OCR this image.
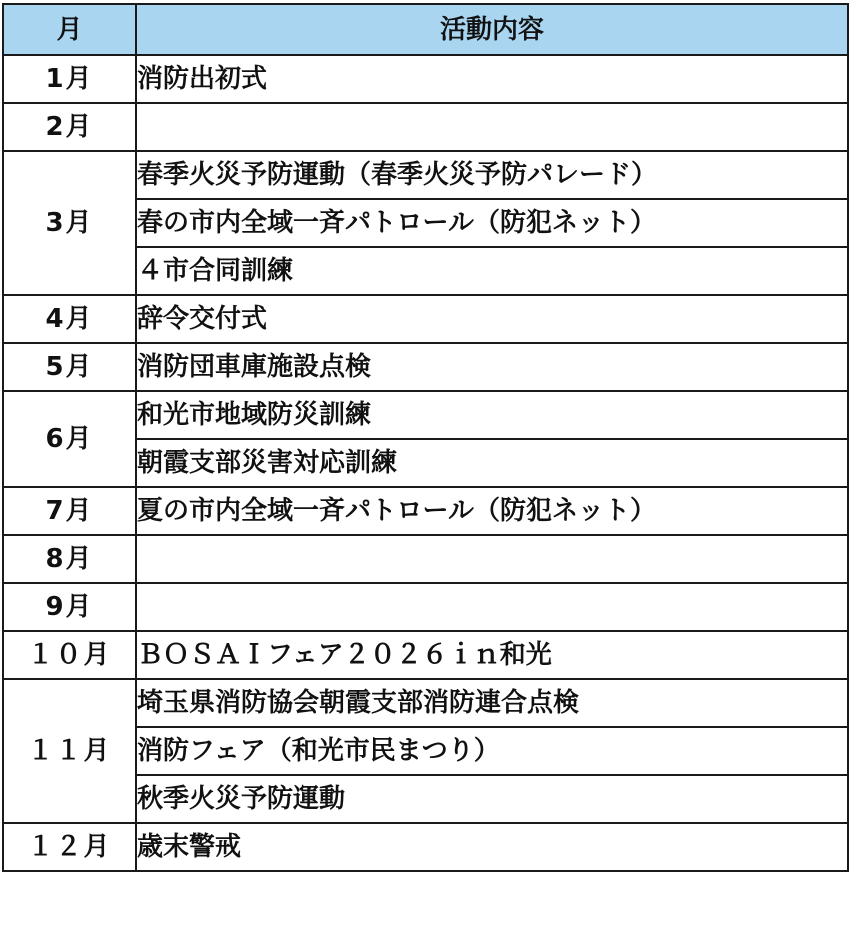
月	活動内容
1月	消防出初式
2月	
3月	春季火災予防運動（春季火災予防パレード）
	春の市内全域一斉パトロール（防犯ネット）
	４市合同訓練
4月	辞令交付式
5月	消防団車庫施設点検
6月	和光市地域防災訓練
	朝霞支部災害対応訓練
7月	夏の市内全域一斉パトロール（防犯ネット）
8月	
9月	
１０月	ＢＯＳＡＩフェア２０２６ｉｎ和光
１１月	埼玉県消防協会朝霞支部消防連合点検
	消防フェア（和光市民まつり）
	秋季火災予防運動
１２月	歳末警戒
